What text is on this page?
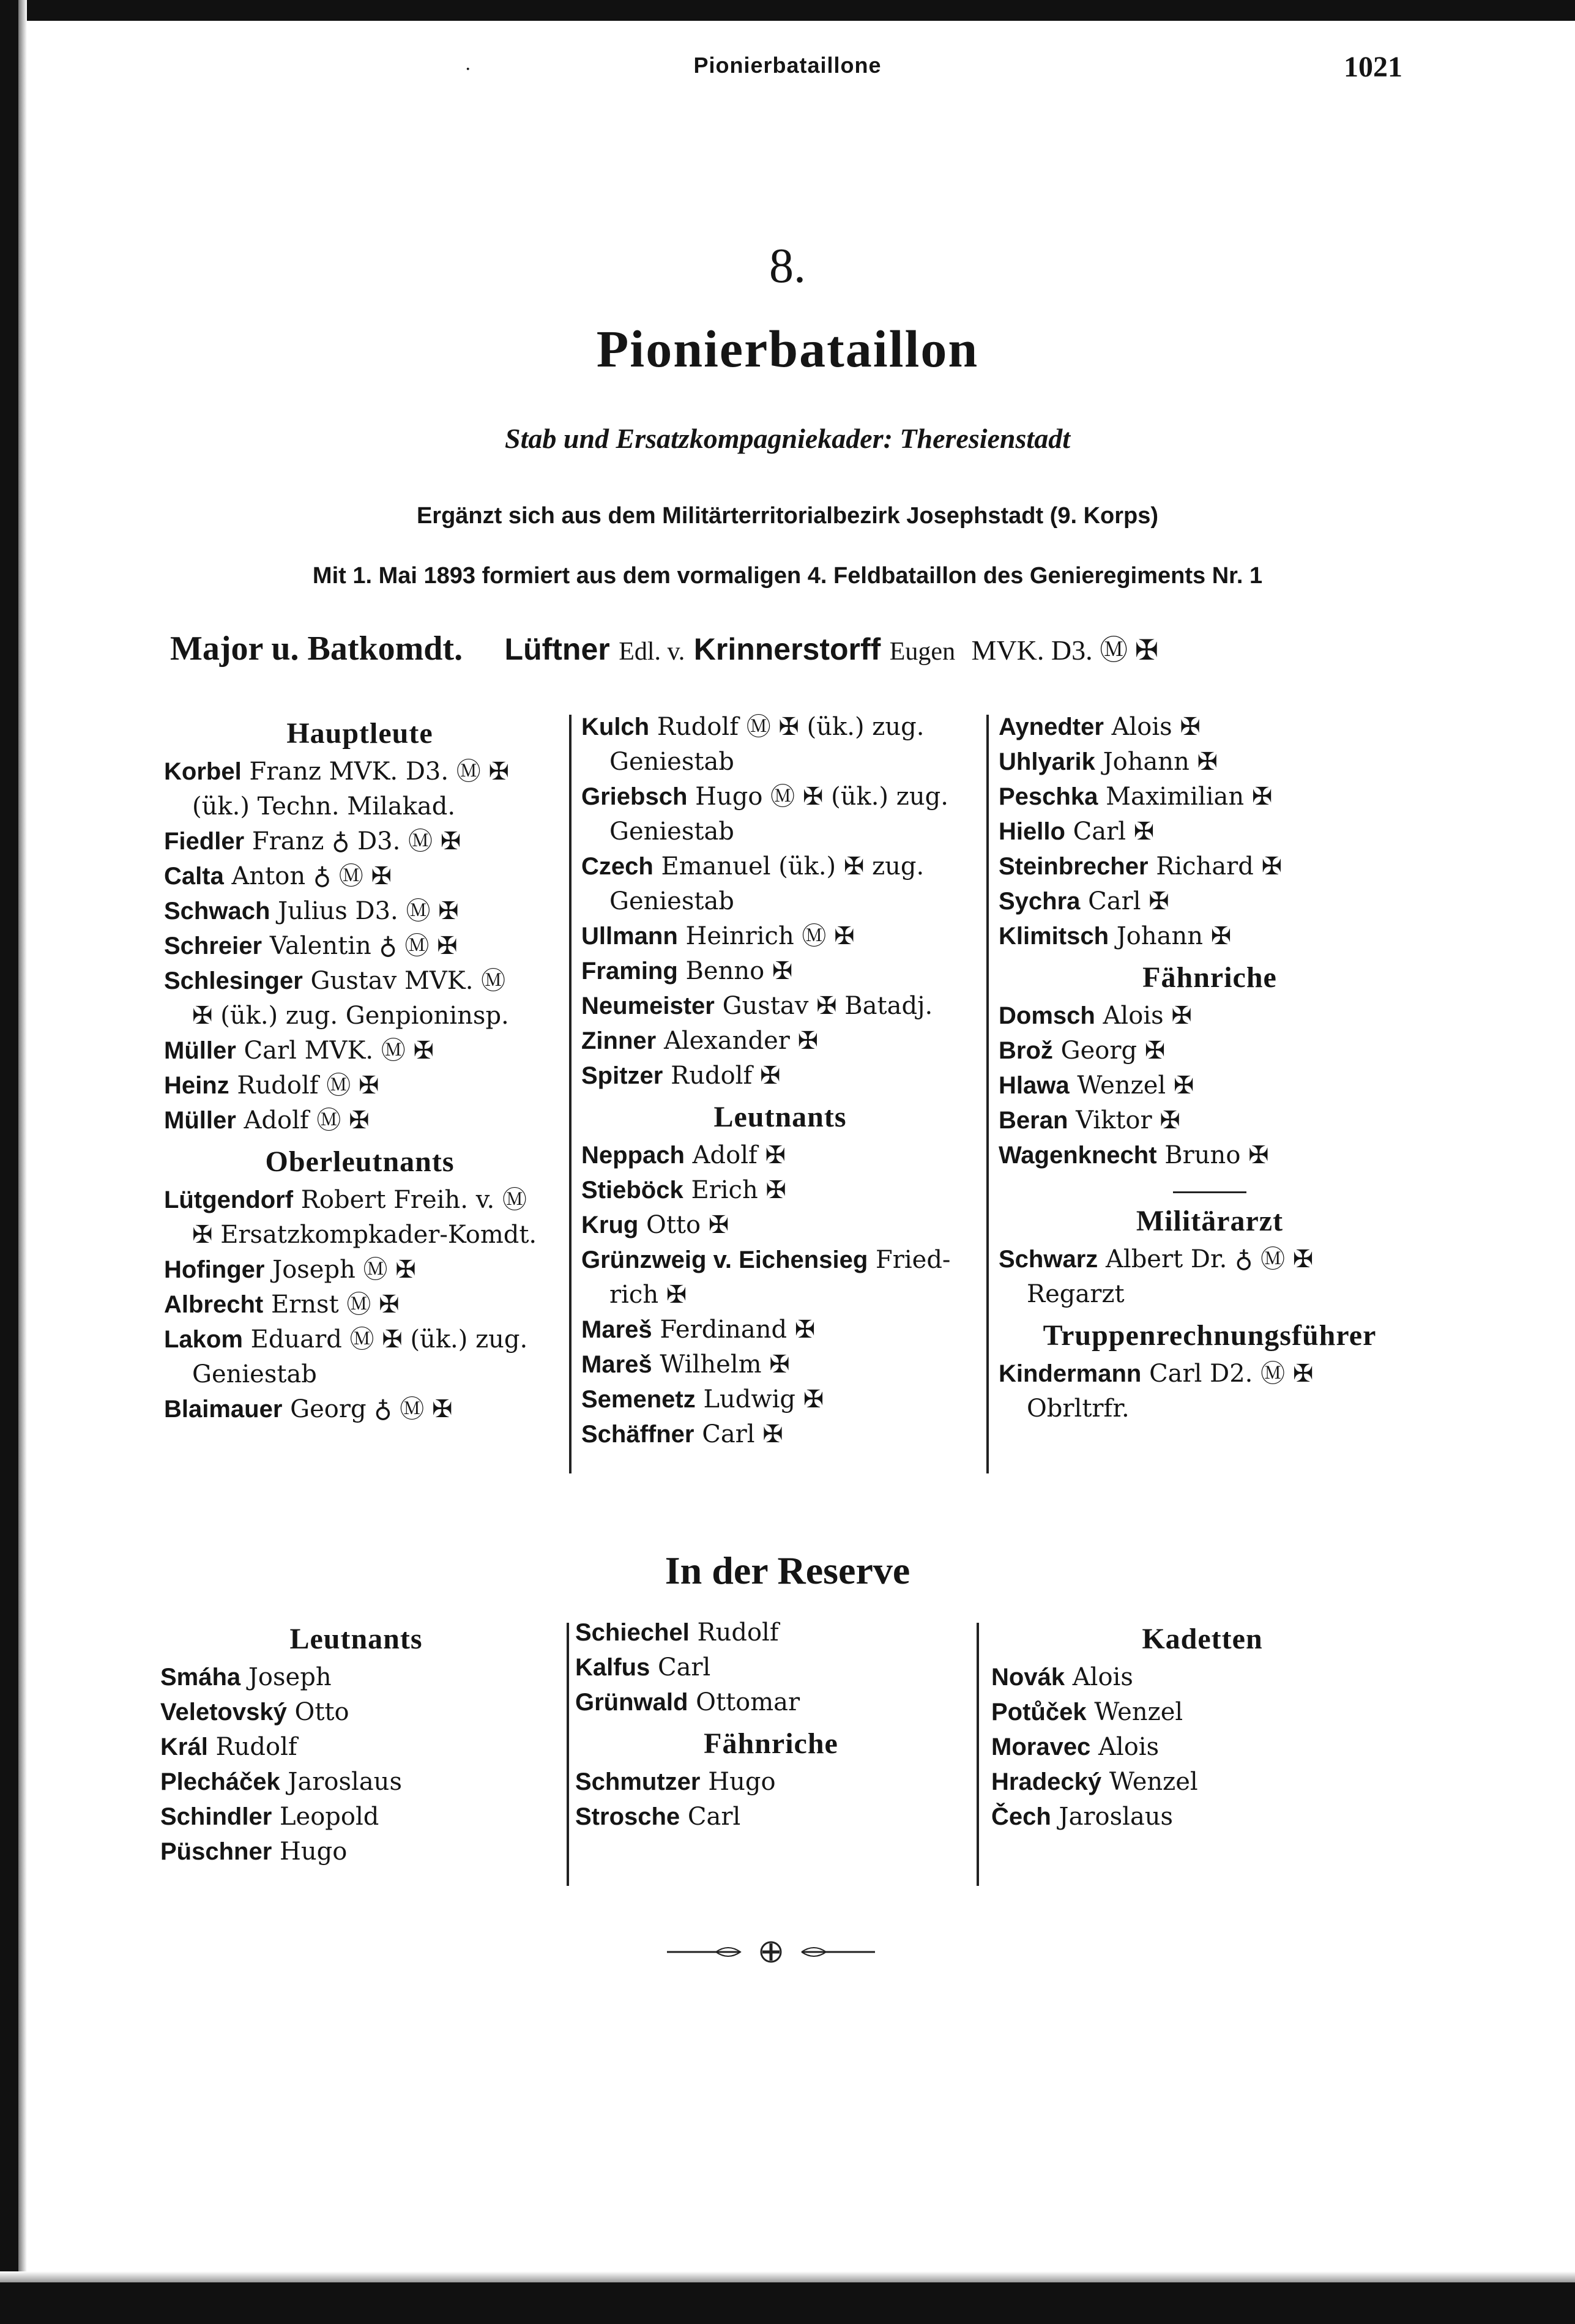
·	Pionierbataillone	1021
8.
Pionierbataillon
Stab und Ersatzkompagniekader: Theresienstadt
Ergänzt sich aus dem Militärterritorialbezirk Josephstadt (9. Korps)
Mit 1. Mai 1893 formiert aus dem vormaligen 4. Feldbataillon des Genieregiments Nr. 1
Major u. Batkomdt. Lüftner Edl. v. Krinnerstorff Eugen MVK. D3. Ⓜ ✠
Hauptleute
Korbel Franz MVK. D3. Ⓜ ✠
(ük.) Techn. Milakad.
Fiedler Franz ♁ D3. Ⓜ ✠
Calta Anton ♁ Ⓜ ✠
Schwach Julius D3. Ⓜ ✠
Schreier Valentin ♁ Ⓜ ✠
Schlesinger Gustav MVK. Ⓜ
✠ (ük.) zug. Genpioninsp.
Müller Carl MVK. Ⓜ ✠
Heinz Rudolf Ⓜ ✠
Müller Adolf Ⓜ ✠
Oberleutnants
Lütgendorf Robert Freih. v. Ⓜ
✠ Ersatzkompkader-Komdt.
Hofinger Joseph Ⓜ ✠
Albrecht Ernst Ⓜ ✠
Lakom Eduard Ⓜ ✠ (ük.) zug.
Geniestab
Blaimauer Georg ♁ Ⓜ ✠
Kulch Rudolf Ⓜ ✠ (ük.) zug.
Geniestab
Griebsch Hugo Ⓜ ✠ (ük.) zug.
Geniestab
Czech Emanuel (ük.) ✠ zug.
Geniestab
Ullmann Heinrich Ⓜ ✠
Framing Benno ✠
Neumeister Gustav ✠ Batadj.
Zinner Alexander ✠
Spitzer Rudolf ✠
Leutnants
Neppach Adolf ✠
Stieböck Erich ✠
Krug Otto ✠
Grünzweig v. Eichensieg Fried-
rich ✠
Mareš Ferdinand ✠
Mareš Wilhelm ✠
Semenetz Ludwig ✠
Schäffner Carl ✠
Aynedter Alois ✠
Uhlyarik Johann ✠
Peschka Maximilian ✠
Hiello Carl ✠
Steinbrecher Richard ✠
Sychra Carl ✠
Klimitsch Johann ✠
Fähnriche
Domsch Alois ✠
Brož Georg ✠
Hlawa Wenzel ✠
Beran Viktor ✠
Wagenknecht Bruno ✠
Militärarzt
Schwarz Albert Dr. ♁ Ⓜ ✠
Regarzt
Truppenrechnungsführer
Kindermann Carl D2. Ⓜ ✠
Obrltrfr.
In der Reserve
Leutnants
Smáha Joseph
Veletovský Otto
Král Rudolf
Plecháček Jaroslaus
Schindler Leopold
Püschner Hugo
Schiechel Rudolf
Kalfus Carl
Grünwald Ottomar
Fähnriche
Schmutzer Hugo
Strosche Carl
Kadetten
Novák Alois
Potůček Wenzel
Moravec Alois
Hradecký Wenzel
Čech Jaroslaus
